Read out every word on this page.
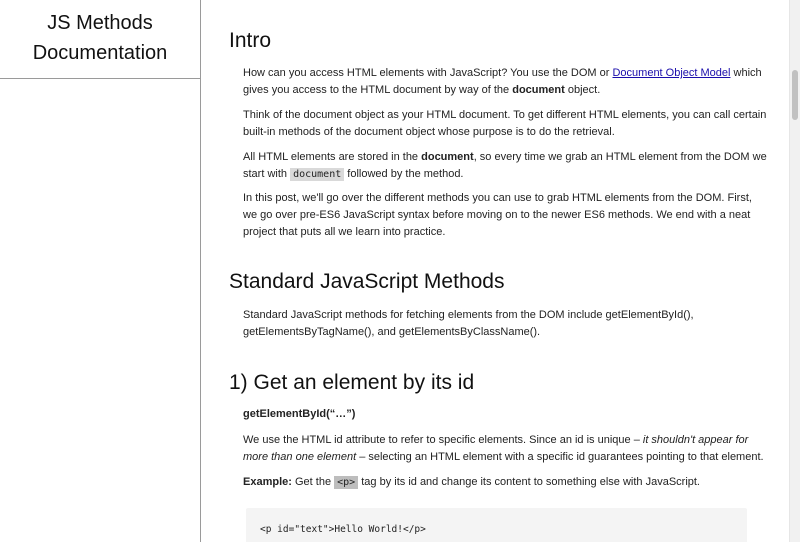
JS Methods
Documentation
Intro

How can you access HTML elements with JavaScript? You use the DOM or Document Object Model which gives you access to the HTML document by way of the document object.

Think of the document object as your HTML document. To get different HTML elements, you can call certain built-in methods of the document object whose purpose is to do the retrieval.

All HTML elements are stored in the document, so every time we grab an HTML element from the DOM we start with document followed by the method.

In this post, we'll go over the different methods you can use to grab HTML elements from the DOM. First, we go over pre-ES6 JavaScript syntax before moving on to the newer ES6 methods. We end with a neat project that puts all we learn into practice.

Standard JavaScript Methods

Standard JavaScript methods for fetching elements from the DOM include getElementById(), getElementsByTagName(), and getElementsByClassName().

1) Get an element by its id

getElementById(“…”)

We use the HTML id attribute to refer to specific elements. Since an id is unique – it shouldn't appear for more than one element – selecting an HTML element with a specific id guarantees pointing to that element.

Example: Get the <p> tag by its id and change its content to something else with JavaScript.

<p id="text">Hello World!</p>
